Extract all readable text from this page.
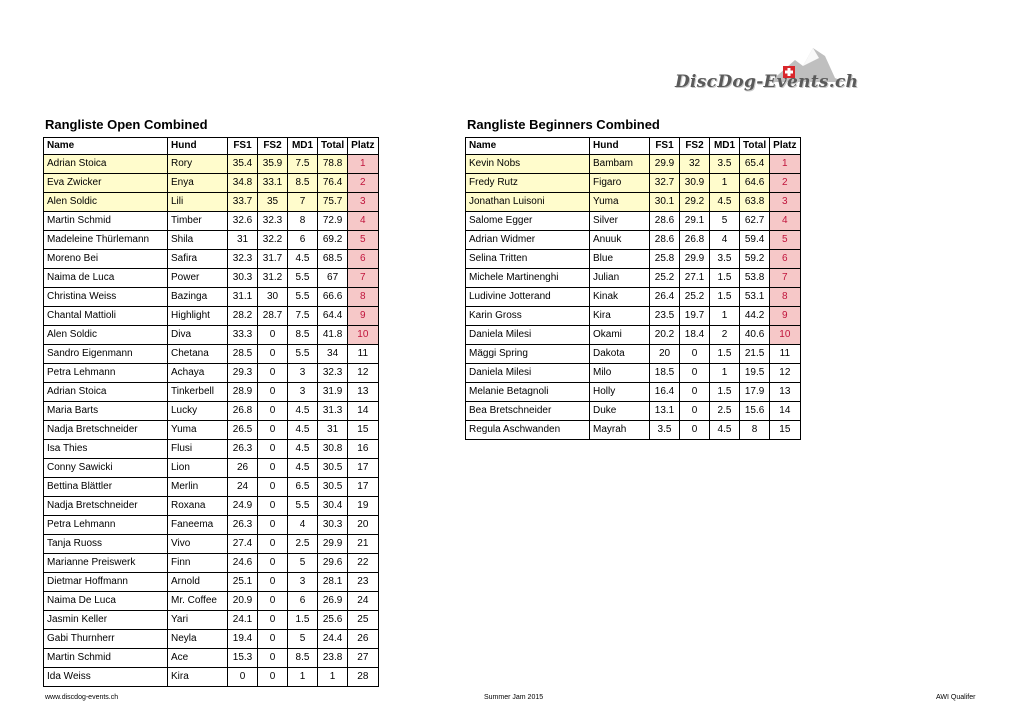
DiscDog-Events.ch
Rangliste Open Combined	Rangliste Beginners Combined
Name	Hund	FS1	FS2	MD1	Total	Platz
Adrian Stoica	Rory	35.4	35.9	7.5	78.8	1
Eva Zwicker	Enya	34.8	33.1	8.5	76.4	2
Alen Soldic	Lili	33.7	35	7	75.7	3
Martin Schmid	Timber	32.6	32.3	8	72.9	4
Madeleine Thürlemann	Shila	31	32.2	6	69.2	5
Moreno Bei	Safira	32.3	31.7	4.5	68.5	6
Naima de Luca	Power	30.3	31.2	5.5	67	7
Christina Weiss	Bazinga	31.1	30	5.5	66.6	8
Chantal Mattioli	Highlight	28.2	28.7	7.5	64.4	9
Alen Soldic	Diva	33.3	0	8.5	41.8	10
Sandro Eigenmann	Chetana	28.5	0	5.5	34	11
Petra Lehmann	Achaya	29.3	0	3	32.3	12
Adrian Stoica	Tinkerbell	28.9	0	3	31.9	13
Maria Barts	Lucky	26.8	0	4.5	31.3	14
Nadja Bretschneider	Yuma	26.5	0	4.5	31	15
Isa Thies	Flusi	26.3	0	4.5	30.8	16
Conny Sawicki	Lion	26	0	4.5	30.5	17
Bettina Blättler	Merlin	24	0	6.5	30.5	17
Nadja Bretschneider	Roxana	24.9	0	5.5	30.4	19
Petra Lehmann	Faneema	26.3	0	4	30.3	20
Tanja Ruoss	Vivo	27.4	0	2.5	29.9	21
Marianne Preiswerk	Finn	24.6	0	5	29.6	22
Dietmar Hoffmann	Arnold	25.1	0	3	28.1	23
Naima De Luca	Mr. Coffee	20.9	0	6	26.9	24
Jasmin Keller	Yari	24.1	0	1.5	25.6	25
Gabi Thurnherr	Neyla	19.4	0	5	24.4	26
Martin Schmid	Ace	15.3	0	8.5	23.8	27
Ida Weiss	Kira	0	0	1	1	28
Name	Hund	FS1	FS2	MD1	Total	Platz
Kevin Nobs	Bambam	29.9	32	3.5	65.4	1
Fredy Rutz	Figaro	32.7	30.9	1	64.6	2
Jonathan Luisoni	Yuma	30.1	29.2	4.5	63.8	3
Salome Egger	Silver	28.6	29.1	5	62.7	4
Adrian Widmer	Anuuk	28.6	26.8	4	59.4	5
Selina Tritten	Blue	25.8	29.9	3.5	59.2	6
Michele Martinenghi	Julian	25.2	27.1	1.5	53.8	7
Ludivine Jotterand	Kinak	26.4	25.2	1.5	53.1	8
Karin Gross	Kira	23.5	19.7	1	44.2	9
Daniela Milesi	Okami	20.2	18.4	2	40.6	10
Mäggi Spring	Dakota	20	0	1.5	21.5	11
Daniela Milesi	Milo	18.5	0	1	19.5	12
Melanie Betagnoli	Holly	16.4	0	1.5	17.9	13
Bea Bretschneider	Duke	13.1	0	2.5	15.6	14
Regula Aschwanden	Mayrah	3.5	0	4.5	8	15
www.discdog-events.ch	Summer Jam 2015	AWI Qualifer
